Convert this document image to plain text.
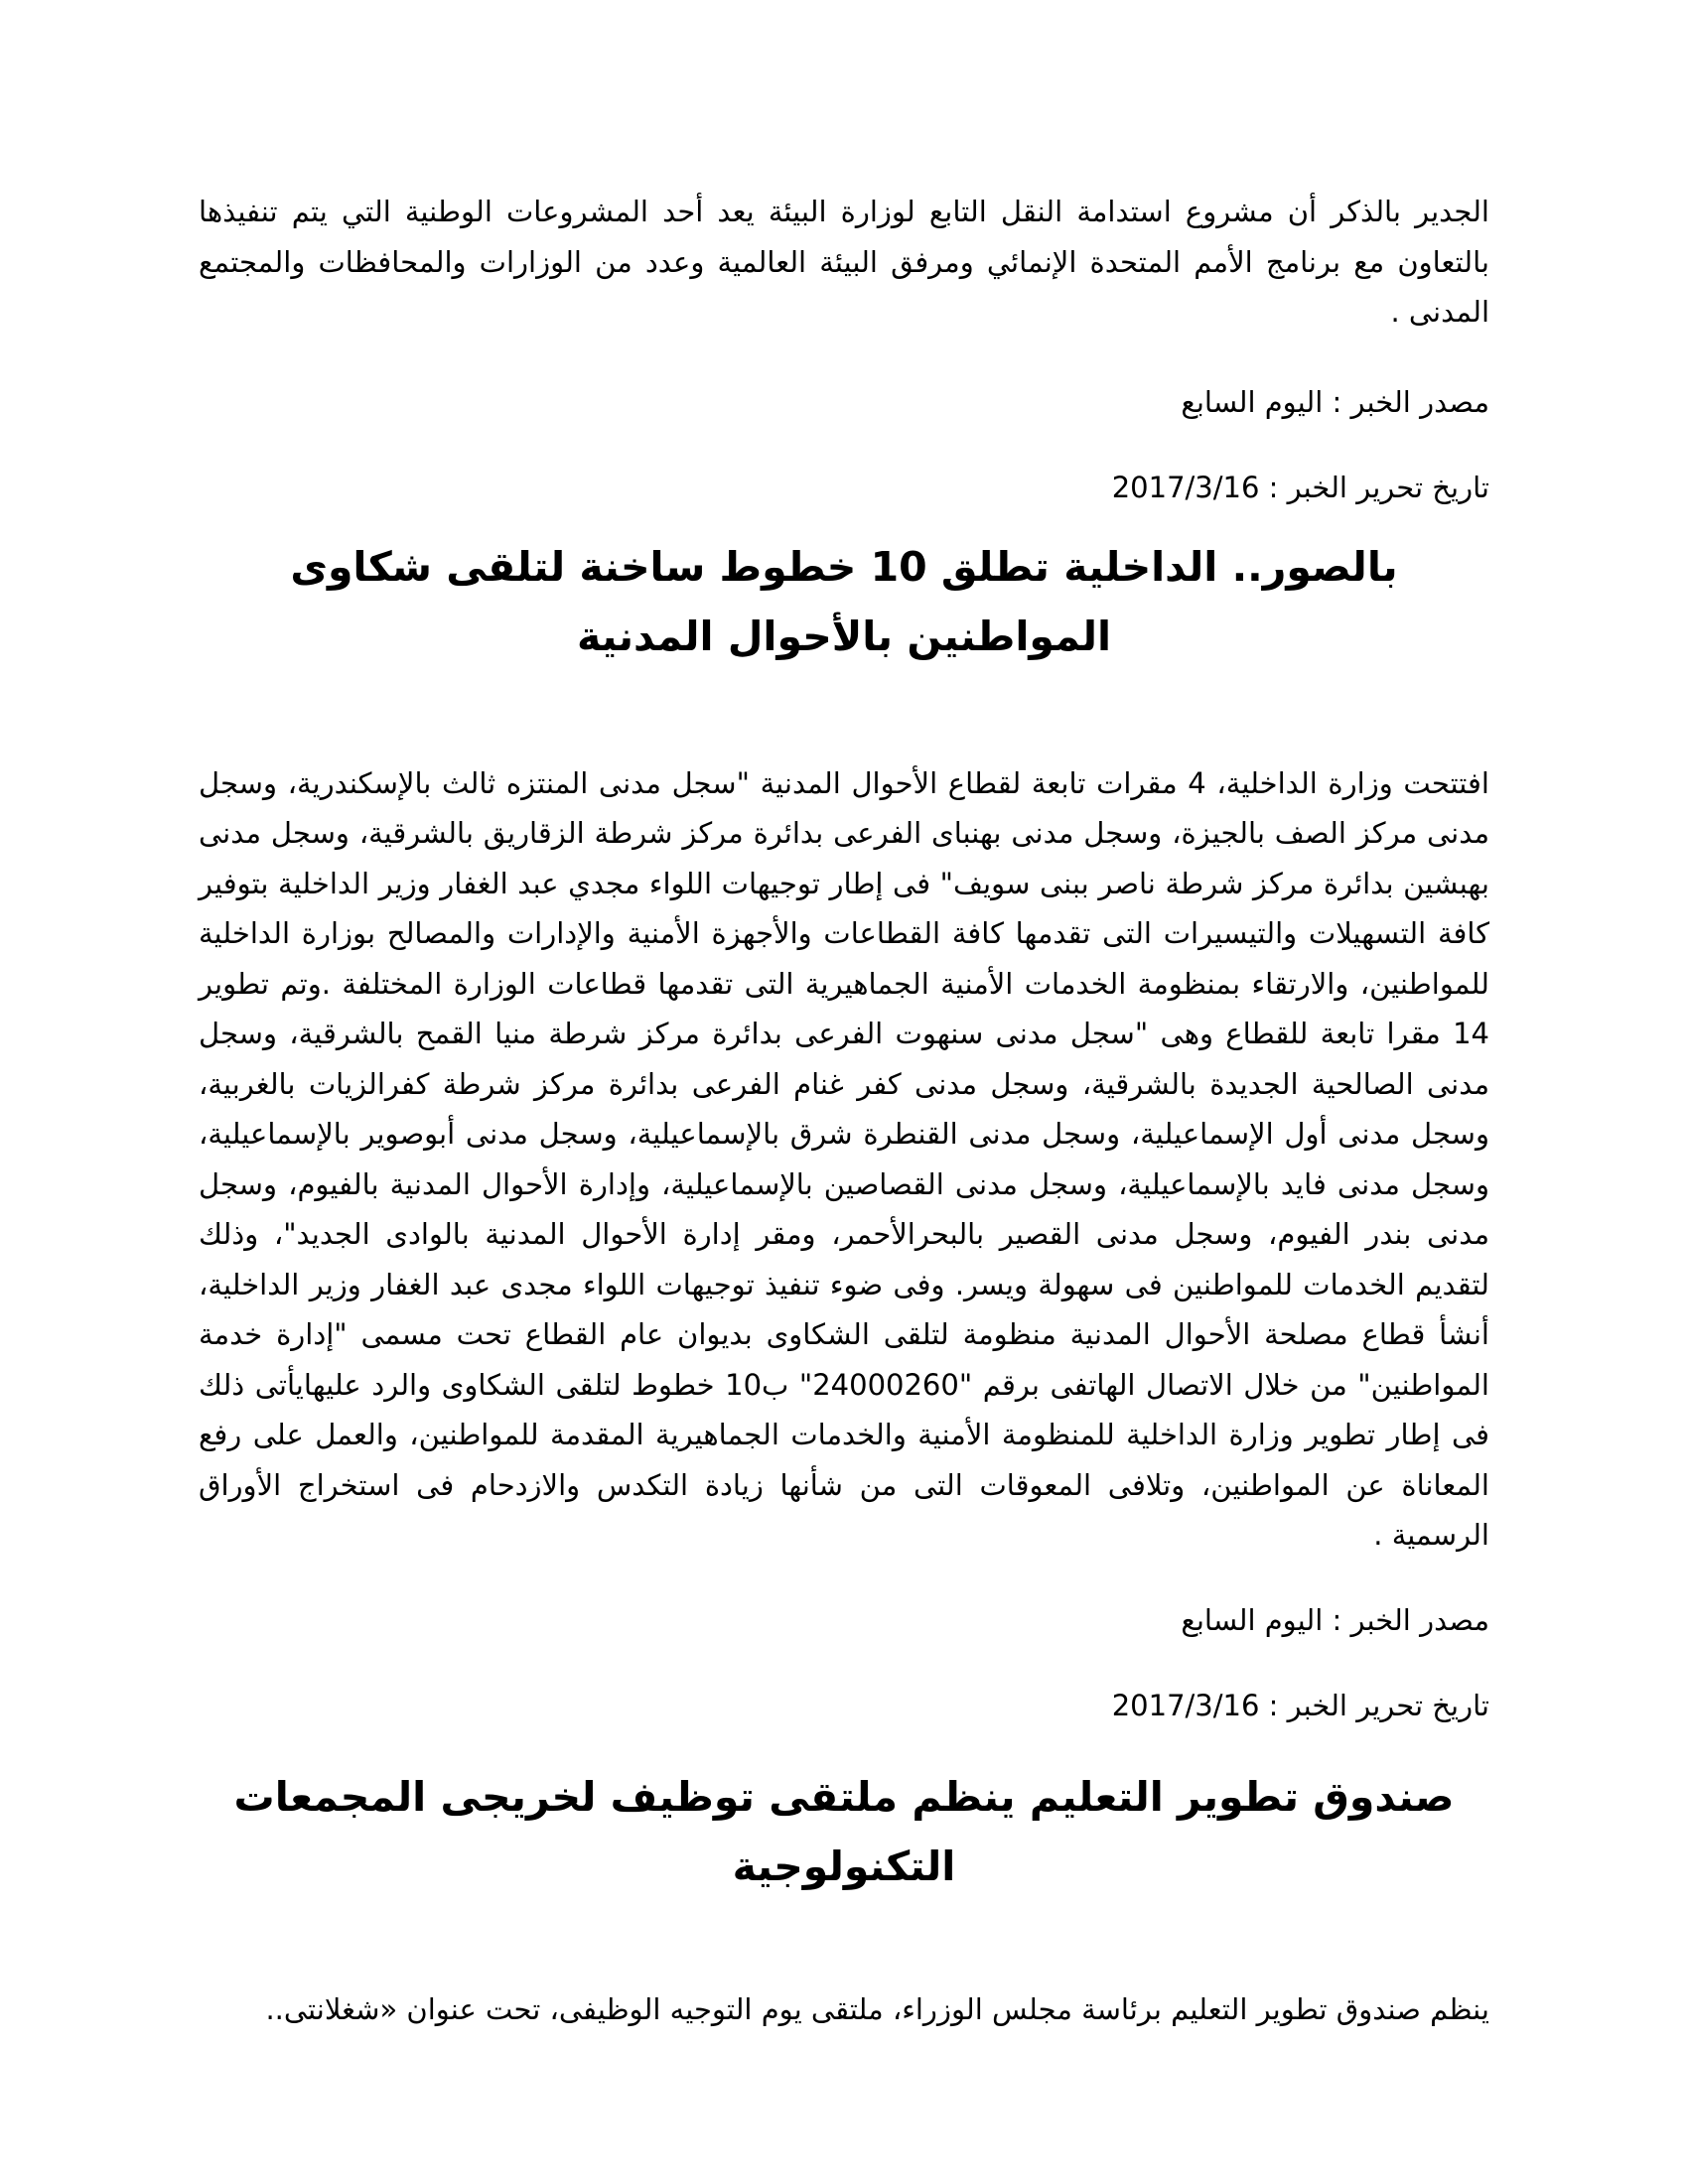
الجدير بالذكر أن مشروع استدامة النقل التابع لوزارة البيئة يعد أحد المشروعات الوطنية التي يتم تنفيذها بالتعاون مع برنامج الأمم المتحدة الإنمائي ومرفق البيئة العالمية وعدد من الوزارات والمحافظات والمجتمع المدنى .

مصدر الخبر : اليوم السابع

تاريخ تحرير الخبر : 2017/3/16

بالصور.. الداخلية تطلق 10 خطوط ساخنة لتلقى شكاوى المواطنين بالأحوال المدنية

افتتحت وزارة الداخلية، 4 مقرات تابعة لقطاع الأحوال المدنية "سجل مدنى المنتزه ثالث بالإسكندرية، وسجل مدنى مركز الصف بالجيزة، وسجل مدنى بهنباى الفرعى بدائرة مركز شرطة الزقاريق بالشرقية، وسجل مدنى بهبشين بدائرة مركز شرطة ناصر ببنى سويف" فى إطار توجيهات اللواء مجدي عبد الغفار وزير الداخلية بتوفير كافة التسهيلات والتيسيرات التى تقدمها كافة القطاعات والأجهزة الأمنية والإدارات والمصالح بوزارة الداخلية للمواطنين، والارتقاء بمنظومة الخدمات الأمنية الجماهيرية التى تقدمها قطاعات الوزارة المختلفة .وتم تطوير 14 مقرا تابعة للقطاع وهى "سجل مدنى سنهوت الفرعى بدائرة مركز شرطة منيا القمح بالشرقية، وسجل مدنى الصالحية الجديدة بالشرقية، وسجل مدنى كفر غنام الفرعى بدائرة مركز شرطة كفرالزيات بالغربية، وسجل مدنى أول الإسماعيلية، وسجل مدنى القنطرة شرق بالإسماعيلية، وسجل مدنى أبوصوير بالإسماعيلية، وسجل مدنى فايد بالإسماعيلية، وسجل مدنى القصاصين بالإسماعيلية، وإدارة الأحوال المدنية بالفيوم، وسجل مدنى بندر الفيوم، وسجل مدنى القصير بالبحرالأحمر، ومقر إدارة الأحوال المدنية بالوادى الجديد"، وذلك لتقديم الخدمات للمواطنين فى سهولة ويسر. وفى ضوء تنفيذ توجيهات اللواء مجدى عبد الغفار وزير الداخلية، أنشأ قطاع مصلحة الأحوال المدنية منظومة لتلقى الشكاوى بديوان عام القطاع تحت مسمى "إدارة خدمة المواطنين" من خلال الاتصال الهاتفى برقم "24000260" ب10 خطوط لتلقى الشكاوى والرد عليهايأتى ذلك فى إطار تطوير وزارة الداخلية للمنظومة الأمنية والخدمات الجماهيرية المقدمة للمواطنين، والعمل على رفع المعاناة عن المواطنين، وتلافى المعوقات التى من شأنها زيادة التكدس والازدحام فى استخراج الأوراق الرسمية .

مصدر الخبر : اليوم السابع

تاريخ تحرير الخبر : 2017/3/16

صندوق تطوير التعليم ينظم ملتقى توظيف لخريجى المجمعات التكنولوجية

ينظم صندوق تطوير التعليم برئاسة مجلس الوزراء، ملتقى يوم التوجيه الوظيفى، تحت عنوان «شغلانتى..
